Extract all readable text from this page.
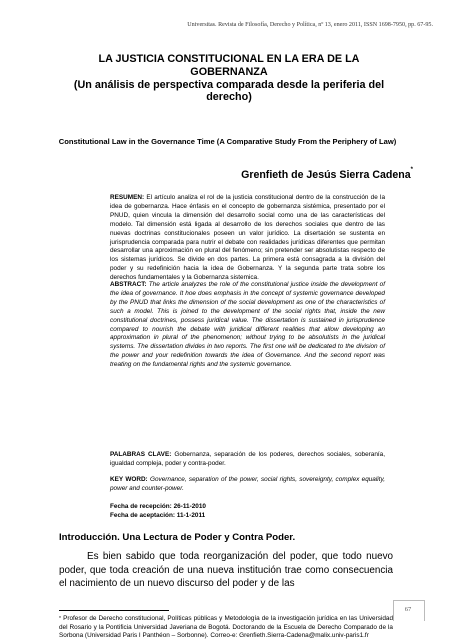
Universitas. Revista de Filosofía, Derecho y Política, nº 13, enero 2011, ISSN 1698-7950, pp. 67-95.
LA JUSTICIA CONSTITUCIONAL EN LA ERA DE LA GOBERNANZA
(Un análisis de perspectiva comparada desde la periferia del derecho)
Constitutional Law in the Governance Time (A Comparative Study From the Periphery of Law)
Grenfieth de Jesús Sierra Cadena*
RESUMEN: El artículo analiza el rol de la justicia constitucional dentro de la construcción de la idea de gobernanza. Hace énfasis en el concepto de gobernanza sistémica, presentado por el PNUD, quien vincula la dimensión del desarrollo social como una de las características del modelo. Tal dimensión está ligada al desarrollo de los derechos sociales que dentro de las nuevas doctrinas constitucionales poseen un valor jurídico. La disertación se sustenta en jurisprudencia comparada para nutrir el debate con realidades jurídicas diferentes que permitan desarrollar una aproximación en plural del fenómeno; sin pretender ser absolutistas respecto de los sistemas jurídicos. Se divide en dos partes. La primera está consagrada a la división del poder y su redefinición hacia la idea de Gobernanza. Y la segunda parte trata sobre los derechos fundamentales y la Gobernanza sistemica.
ABSTRACT: The article analyzes the role of the constitutional justice inside the development of the idea of governance. It hoe does emphasis in the concept of systemic governance developed by the PNUD that links the dimension of the social development as one of the characteristics of such a model. This is joined to the development of the social rights that, inside the new constitutional doctrines, possess juridical value. The dissertation is sustained in jurisprudence compared to nourish the debate with juridical different realities that allow developing an approximation in plural of the phenomenon; without trying to be absolutists in the juridical systems. The dissertation divides in two reports. The first one will be dedicated to the division of the power and your redefinition towards the idea of Governance. And the second report was treating on the fundamental rights and the systemic governance.
PALABRAS CLAVE: Gobernanza, separación de los poderes, derechos sociales, soberanía, igualdad compleja, poder y contra-poder.
KEY WORD: Governance, separation of the power, social rights, sovereignty, complex equality, power and counter-power.
Fecha de recepción: 26-11-2010
Fecha de aceptación: 11-1-2011
Introducción. Una Lectura de Poder y Contra Poder.
Es bien sabido que toda reorganización del poder, que todo nuevo poder, que toda creación de una nueva institución trae como consecuencia el nacimiento de un nuevo discurso del poder y de las
* Profesor de Derecho constitucional, Políticas públicas y Metodología de la investigación jurídica en las Universidad del Rosario y la Pontificia Universidad Javeriana de Bogotá. Doctorando de la Escuela de Derecho Comparado de la Sorbona (Universidad Paris I Panthéon – Sorbonne). Correo-e: Grenfieth.Sierra-Cadena@malix.univ-paris1.fr
67
